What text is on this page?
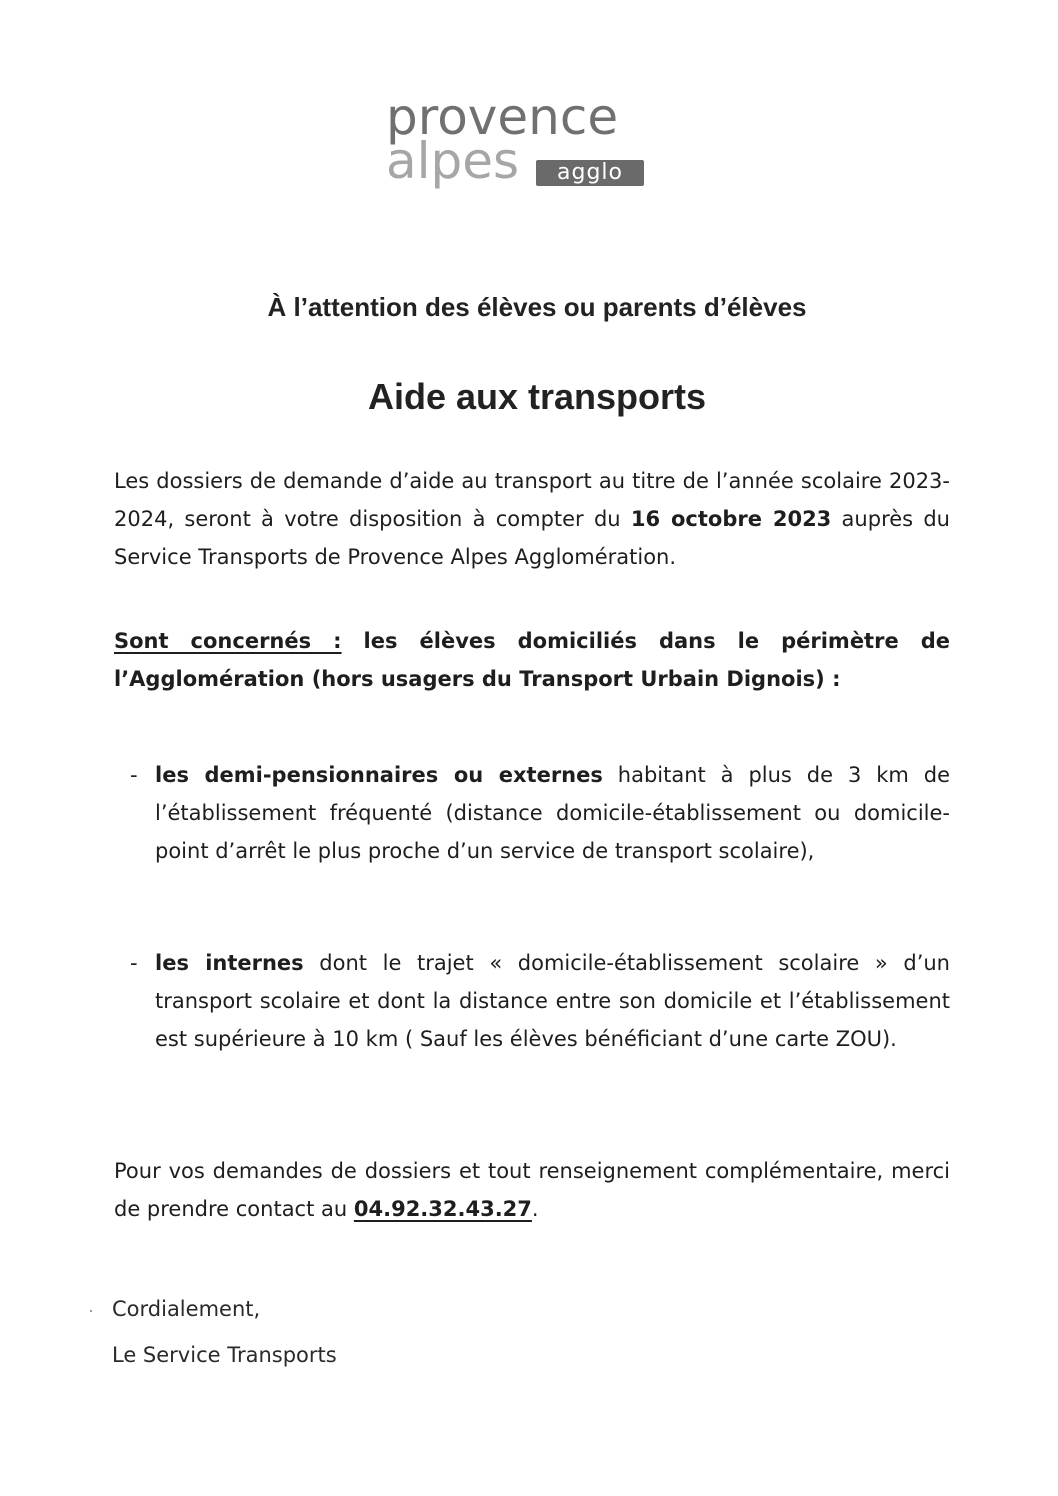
provence
alpes	agglo
À l’attention des élèves ou parents d’élèves
Aide aux transports
Les dossiers de demande d’aide au transport au titre de l’année scolaire 2023-2024, seront à votre disposition à compter du 16 octobre 2023 auprès du Service Transports de Provence Alpes Agglomération.
Sont concernés : les élèves domiciliés dans le périmètre de l’Agglomération (hors usagers du Transport Urbain Dignois) :
- les demi-pensionnaires ou externes habitant à plus de 3 km de l’établissement fréquenté (distance domicile-établissement ou domicile-point d’arrêt le plus proche d’un service de transport scolaire),
- les internes dont le trajet « domicile-établissement scolaire » d’un transport scolaire et dont la distance entre son domicile et l’établissement est supérieure à 10 km ( Sauf les élèves bénéficiant d’une carte ZOU).
Pour vos demandes de dossiers et tout renseignement complémentaire, merci de prendre contact au 04.92.32.43.27.
Cordialement,
Le Service Transports
